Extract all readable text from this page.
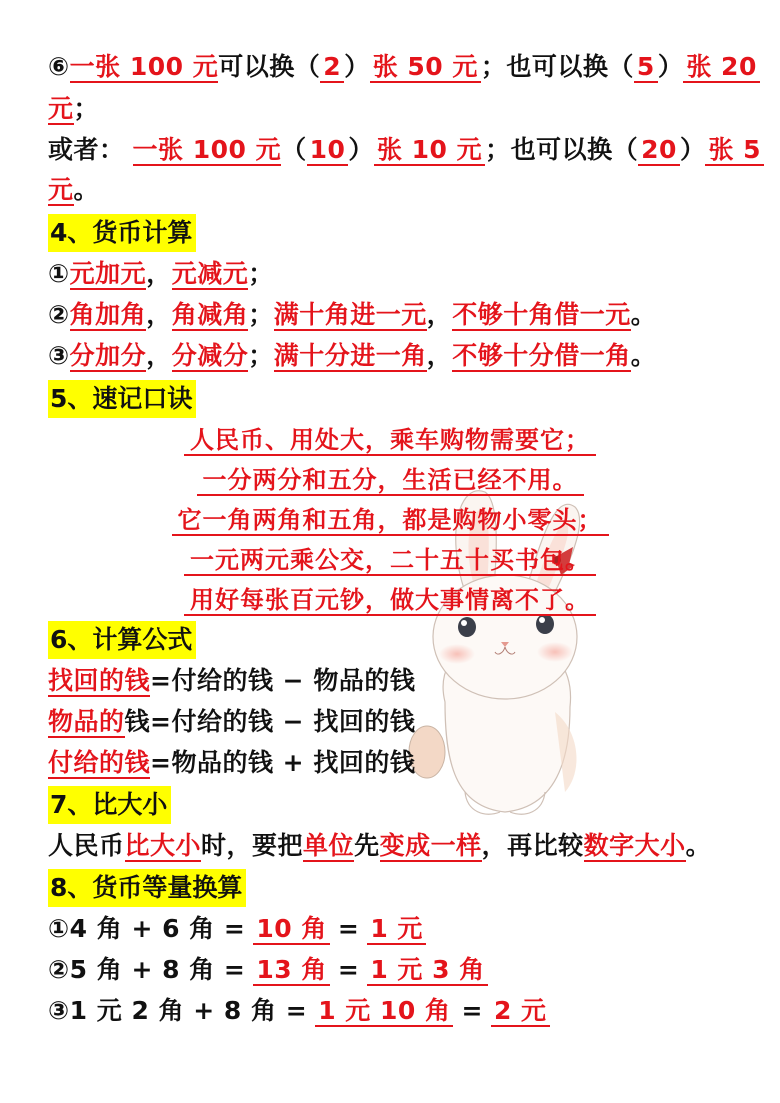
⑥一张 100 元可以换（ 2 ） 张 50 元 ；也可以换（ 5 ） 张 20
元；
或者： 一张 100 元（ 10 ） 张 10 元 ；也可以换（ 20 ） 张 5
元。
4、货币计算
①元加元，元减元；
②角加角，角减角；满十角进一元，不够十角借一元。
③分加分，分减分；满十分进一角，不够十分借一角。
5、速记口诀
人民币、用处大，乘车购物需要它；
一分两分和五分，生活已经不用。
它一角两角和五角，都是购物小零头；
一元两元乘公交，二十五十买书包。
用好每张百元钞，做大事情离不了。
6、计算公式
找回的钱=付给的钱 − 物品的钱
物品的钱=付给的钱 − 找回的钱
付给的钱=物品的钱 + 找回的钱
7、比大小
人民币比大小时，要把单位先变成一样，再比较数字大小。
8、货币等量换算
①4 角 + 6 角 = 10 角 = 1 元
②5 角 + 8 角 = 13 角 = 1 元 3 角
③1 元 2 角 + 8 角 = 1 元 10 角 = 2 元
